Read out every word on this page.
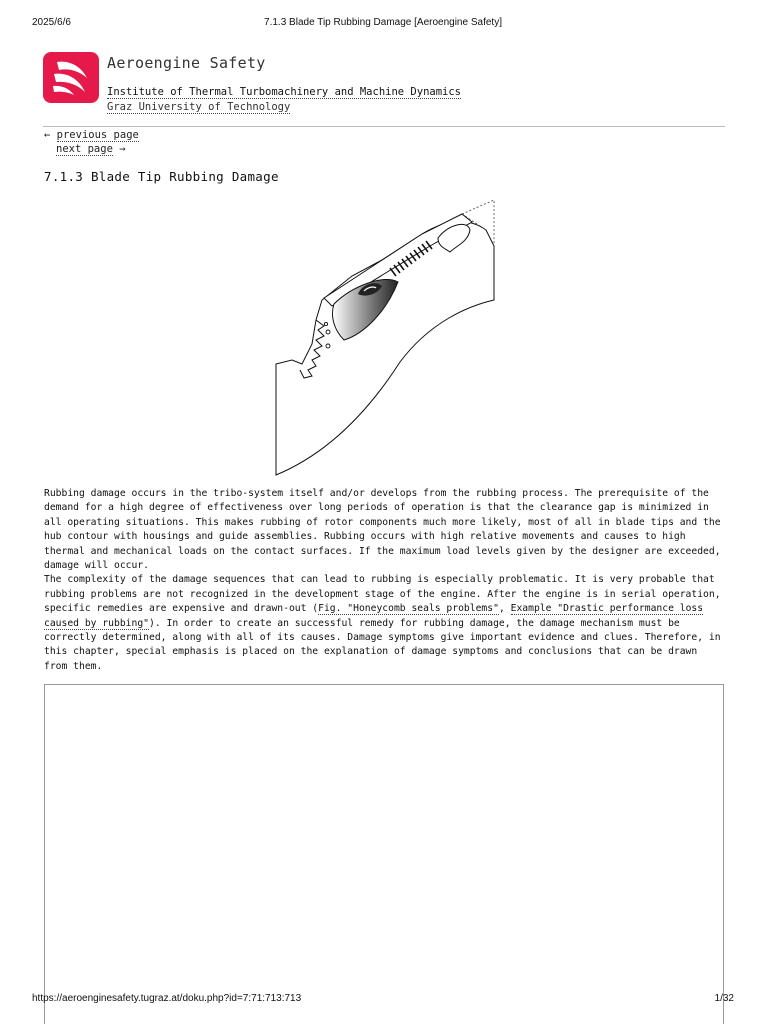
2025/6/6	7.1.3 Blade Tip Rubbing Damage [Aeroengine Safety]
Aeroengine Safety
Institute of Thermal Turbomachinery and Machine Dynamics
Graz University of Technology
← previous page
next page →
7.1.3 Blade Tip Rubbing Damage

Rubbing damage occurs in the tribo-system itself and/or develops from the rubbing process. The prerequisite of the demand for a high degree of effectiveness over long periods of operation is that the clearance gap is minimized in all operating situations. This makes rubbing of rotor components much more likely, most of all in blade tips and the hub contour with housings and guide assemblies. Rubbing occurs with high relative movements and causes to high thermal and mechanical loads on the contact surfaces. If the maximum load levels given by the designer are exceeded, damage will occur.

The complexity of the damage sequences that can lead to rubbing is especially problematic. It is very probable that rubbing problems are not recognized in the development stage of the engine. After the engine is in serial operation, specific remedies are expensive and drawn-out (Fig. "Honeycomb seals problems", Example "Drastic performance loss caused by rubbing"). In order to create an successful remedy for rubbing damage, the damage mechanism must be correctly determined, along with all of its causes. Damage symptoms give important evidence and clues. Therefore, in this chapter, special emphasis is placed on the explanation of damage symptoms and conclusions that can be drawn from them.

https://aeroenginesafety.tugraz.at/doku.php?id=7:71:713:713	1/32
